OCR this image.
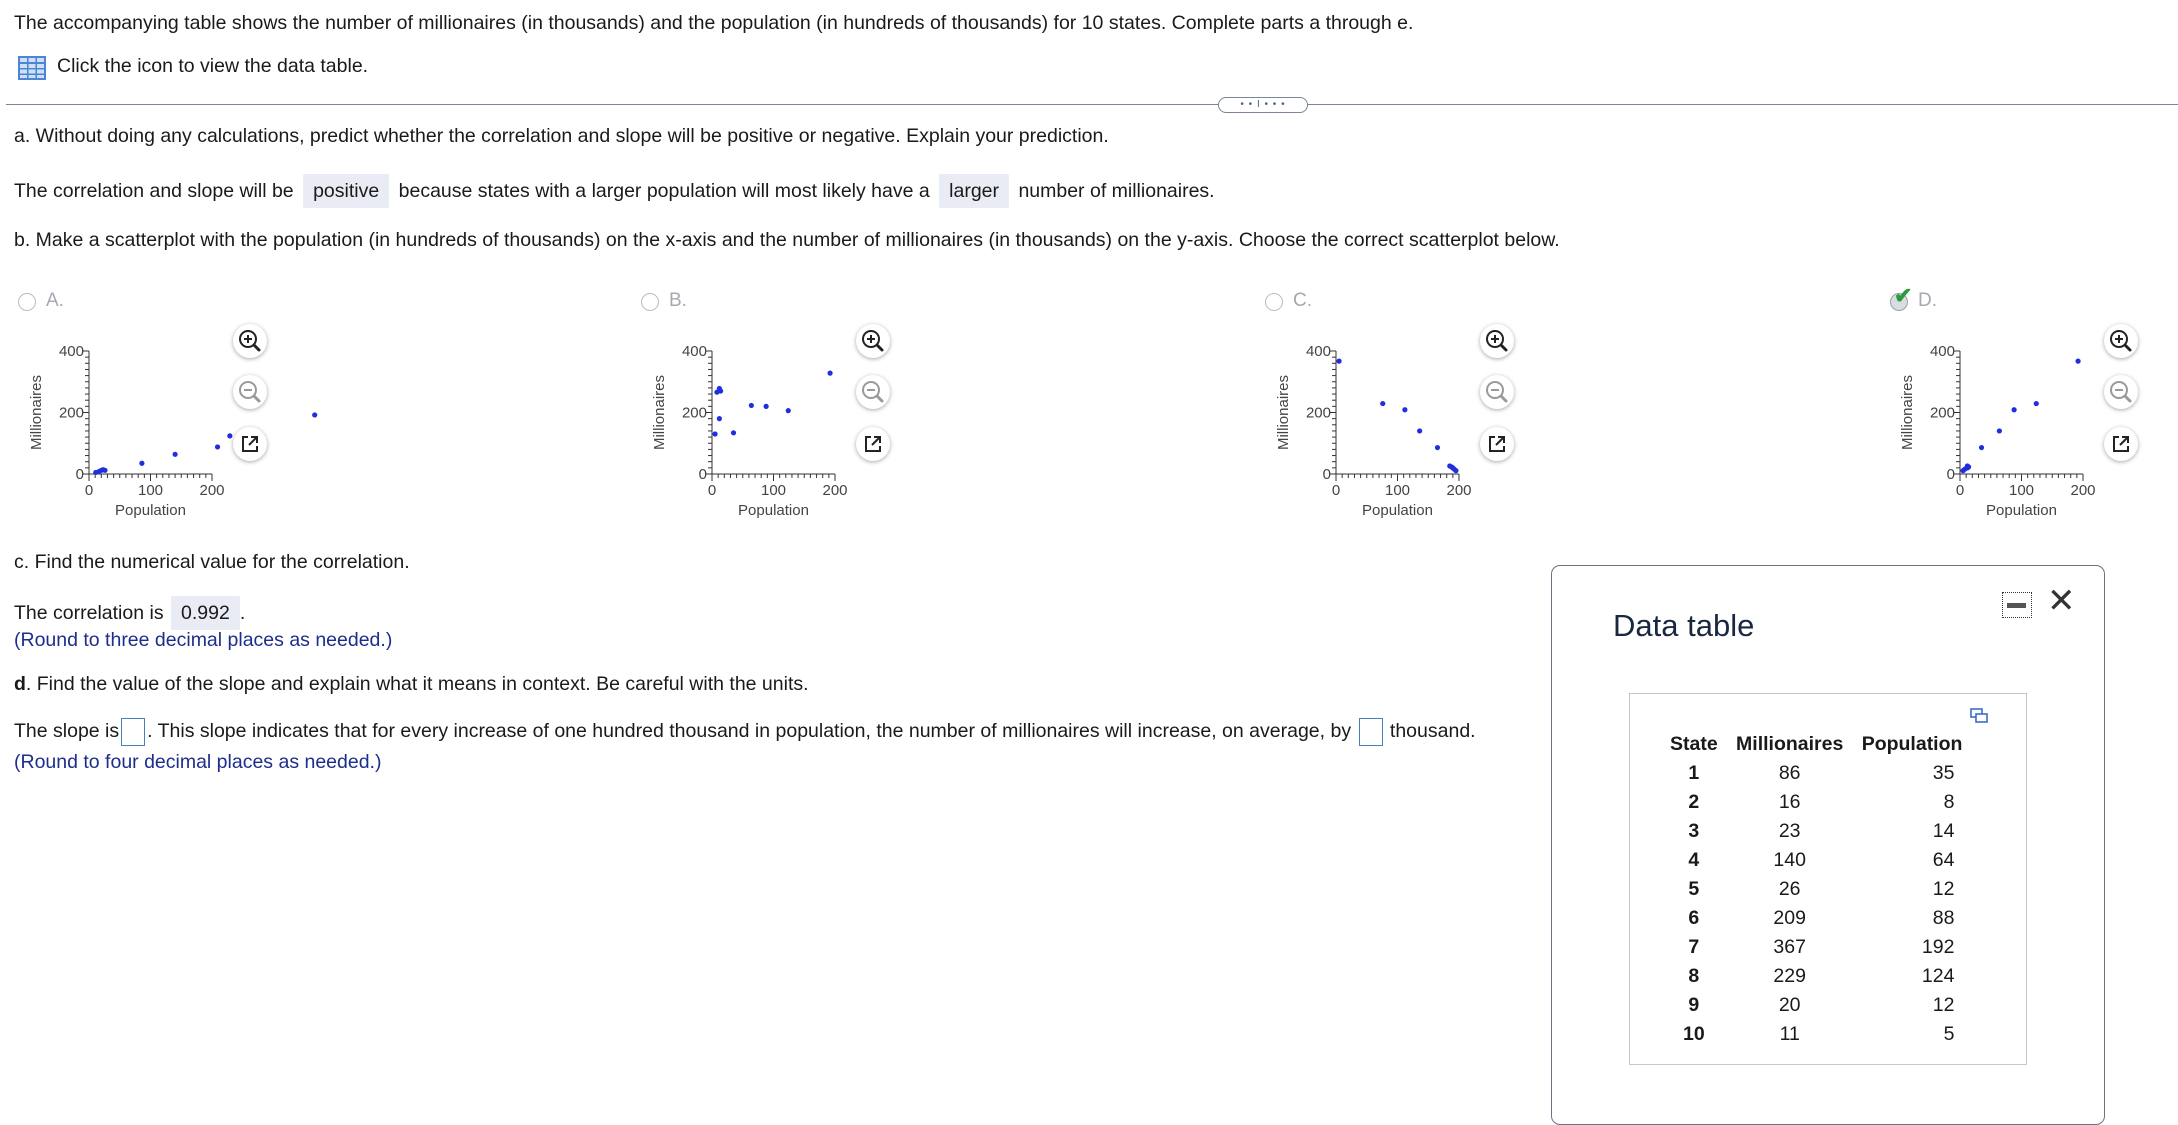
The accompanying table shows the number of millionaires (in thousands) and the population (in hundreds of thousands) for 10 states. Complete parts a through e.
Click the icon to view the data table.
• • I • • •
a. Without doing any calculations, predict whether the correlation and slope will be positive or negative. Explain your prediction.
The correlation and slope will be positive because states with a larger population will most likely have a larger number of millionaires.
b. Make a scatterplot with the population (in hundreds of thousands) on the x-axis and the number of millionaires (in thousands) on the y-axis. Choose the correct scatterplot below.
A.
0	100 200
0
200
400
Population
Millionaires
B.
0	100 200
0
200
400
Population
Millionaires
C.
0	100 200
0
200
400
Population
Millionaires
✔ D.
0	100 200
0
200
400
Population
Millionaires
c. Find the numerical value for the correlation.
The correlation is 0.992 .
(Round to three decimal places as needed.)
d. Find the value of the slope and explain what it means in context. Be careful with the units.
The slope is . This slope indicates that for every increase of one hundred thousand in population, the number of millionaires will increase, on average, by thousand.
(Round to four decimal places as needed.)
Data table
✕
State	Millionaires	Population
1	86	35
2	16	8
3	23	14
4	140	64
5	26	12
6	209	88
7	367	192
8	229	124
9	20	12
10	11	5
